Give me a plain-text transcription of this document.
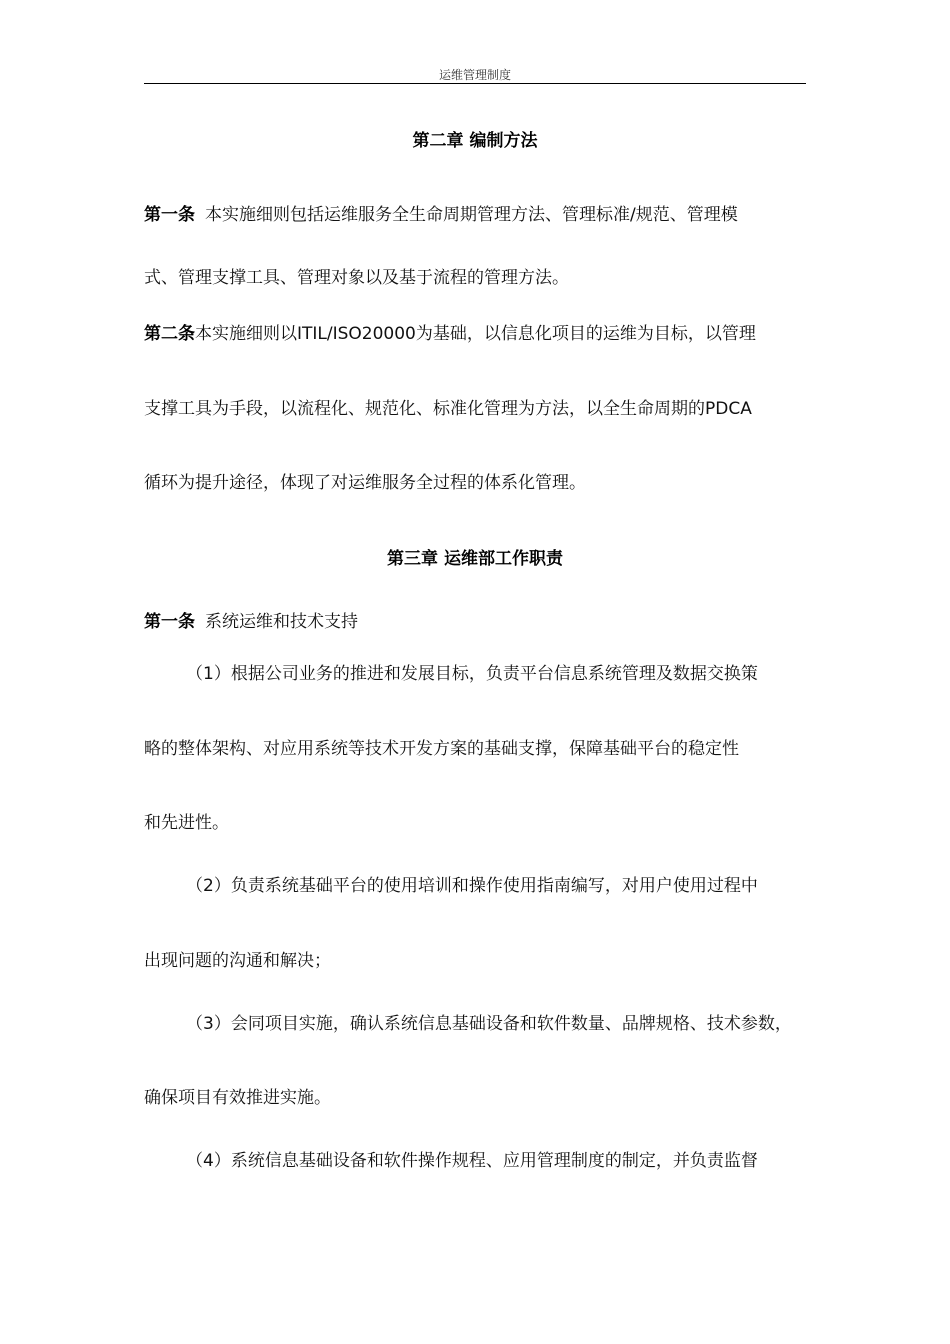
运维管理制度
第二章 编制方法
第一条 本实施细则包括运维服务全生命周期管理方法、管理标准/规范、管理模
式、管理支撑工具、管理对象以及基于流程的管理方法。
第二条本实施细则以ITIL/ISO20000为基础，以信息化项目的运维为目标，以管理
支撑工具为手段，以流程化、规范化、标准化管理为方法，以全生命周期的PDCA
循环为提升途径，体现了对运维服务全过程的体系化管理。
第三章 运维部工作职责
第一条 系统运维和技术支持
（1）根据公司业务的推进和发展目标，负责平台信息系统管理及数据交换策
略的整体架构、对应用系统等技术开发方案的基础支撑，保障基础平台的稳定性
和先进性。
（2）负责系统基础平台的使用培训和操作使用指南编写，对用户使用过程中
出现问题的沟通和解决；
（3）会同项目实施，确认系统信息基础设备和软件数量、品牌规格、技术参数，
确保项目有效推进实施。
（4）系统信息基础设备和软件操作规程、应用管理制度的制定，并负责监督
